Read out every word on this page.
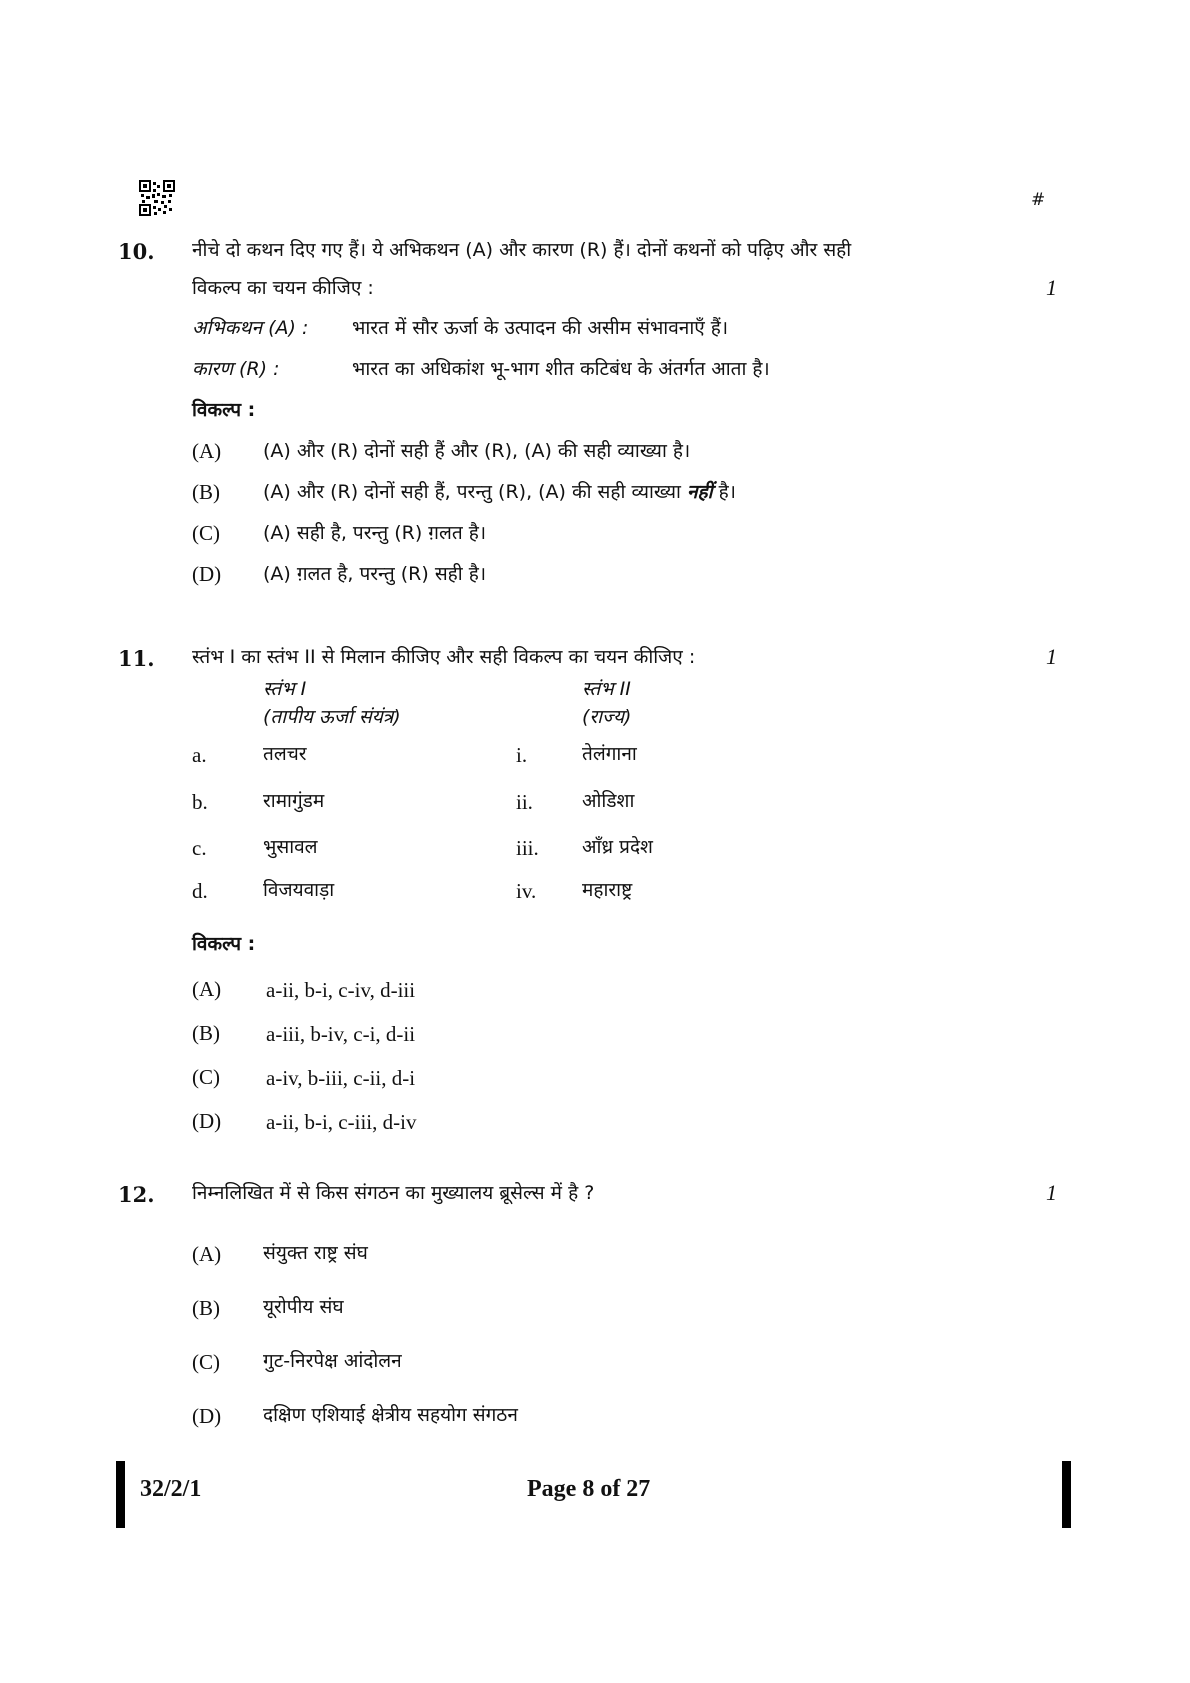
#
10. नीचे दो कथन दिए गए हैं। ये अभिकथन (A) और कारण (R) हैं। दोनों कथनों को पढ़िए और सही
विकल्प का चयन कीजिए :	1
अभिकथन (A) : भारत में सौर ऊर्जा के उत्पादन की असीम संभावनाएँ हैं।
कारण (R) :	भारत का अधिकांश भू-भाग शीत कटिबंध के अंतर्गत आता है।
विकल्प :
(A) (A) और (R) दोनों सही हैं और (R), (A) की सही व्याख्या है।
(B) (A) और (R) दोनों सही हैं, परन्तु (R), (A) की सही व्याख्या नहीं है।
(C) (A) सही है, परन्तु (R) ग़लत है।
(D) (A) ग़लत है, परन्तु (R) सही है।
11. स्तंभ I का स्तंभ II से मिलान कीजिए और सही विकल्प का चयन कीजिए :	1
स्तंभ I
(तापीय ऊर्जा संयंत्र)
स्तंभ II
(राज्य)
a.	तलचर	i.	तेलंगाना
b.	रामागुंडम	ii.	ओडिशा
c.	भुसावल	iii. आँध्र प्रदेश
d.	विजयवाड़ा	iv. महाराष्ट्र
विकल्प :
(A) a-ii, b-i, c-iv, d-iii
(B) a-iii, b-iv, c-i, d-ii
(C) a-iv, b-iii, c-ii, d-i
(D) a-ii, b-i, c-iii, d-iv
12. निम्नलिखित में से किस संगठन का मुख्यालय ब्रूसेल्स में है ?	1
(A) संयुक्त राष्ट्र संघ
(B) यूरोपीय संघ
(C) गुट-निरपेक्ष आंदोलन
(D) दक्षिण एशियाई क्षेत्रीय सहयोग संगठन
32/2/1	Page 8 of 27
